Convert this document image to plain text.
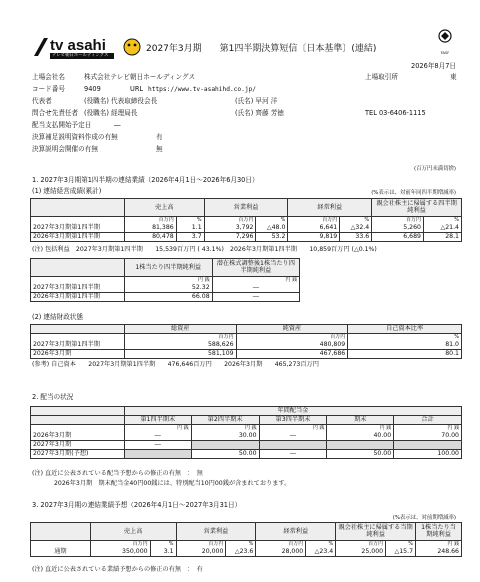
tv asahi
テレビ朝日ホールディングス
2027年3月期　　第1四半期決算短信〔日本基準〕(連結)	FASF
2026年8月7日
上場会社名	株式会社テレビ朝日ホールディングス	上場取引所	東
コード番号	9409	URL https://www.tv-asahihd.co.jp/
代表者	(役職名) 代表取締役会長	(氏名) 早河 洋
問合せ先責任者 (役職名) 経理局長	(氏名) 齊藤 芳徳	TEL 03-6406-1115
配当支払開始予定日	―
決算補足説明資料作成の有無	有
決算説明会開催の有無	無
(百万円未満切捨)
1. 2027年3月期第1四半期の連結業績（2026年4月1日～2026年6月30日）
(1) 連結経営成績(累計)	(%表示は、対前年同四半期増減率)
	売上高		営業利益		経常利益		親会社株主に帰属する四半期純利益	
	百万円	%	百万円	%	百万円	%	百万円	%
2027年3月期第1四半期	81,386	1.1	3,792	△48.0	6,641	△32.4	5,260	△21.4
2026年3月期第1四半期	80,478	3.7	7,296	53.2	9,819	33.6	6,689	28.1
(注) 包括利益　2027年3月期第1四半期　　15,539百万円 ( 43.1%)　2026年3月期第1四半期　　10,859百万円 (△0.1%)
	1株当たり四半期純利益	潜在株式調整後1株当たり四半期純利益
	円 銭	円 銭
2027年3月期第1四半期	52.32	―
2026年3月期第1四半期	66.08	―
(2) 連結財政状態
	総資産	純資産	自己資本比率
	百万円	百万円	%
2027年3月期第1四半期	588,626	480,809	81.0
2026年3月期	581,109	467,686	80.1
(参考) 自己資本　　2027年3月期第1四半期　　476,646百万円　　2026年3月期　　465,273百万円
2. 配当の状況
	年間配当金				
	第1四半期末	第2四半期末	第3四半期末	期末	合計
	円 銭	円 銭	円 銭	円 銭	円 銭
2026年3月期	―	30.00	―	40.00	70.00
2027年3月期	―				
2027年3月期(予想)		50.00	―	50.00	100.00
(注) 直近に公表されている配当予想からの修正の有無　：　無
2026年3月期　期末配当金40円00銭には、特別配当10円00銭が含まれております。
3. 2027年3月期の連結業績予想（2026年4月1日～2027年3月31日）
(%表示は、対前期増減率)
	売上高		営業利益		経常利益		親会社株主に帰属する当期純利益		1株当たり当期純利益
	百万円	%	百万円	%	百万円	%	百万円	%	円 銭
通期	350,000	3.1	20,000	△23.6	28,000	△23.4	25,000	△15.7	248.66
(注) 直近に公表されている業績予想からの修正の有無　：　有
